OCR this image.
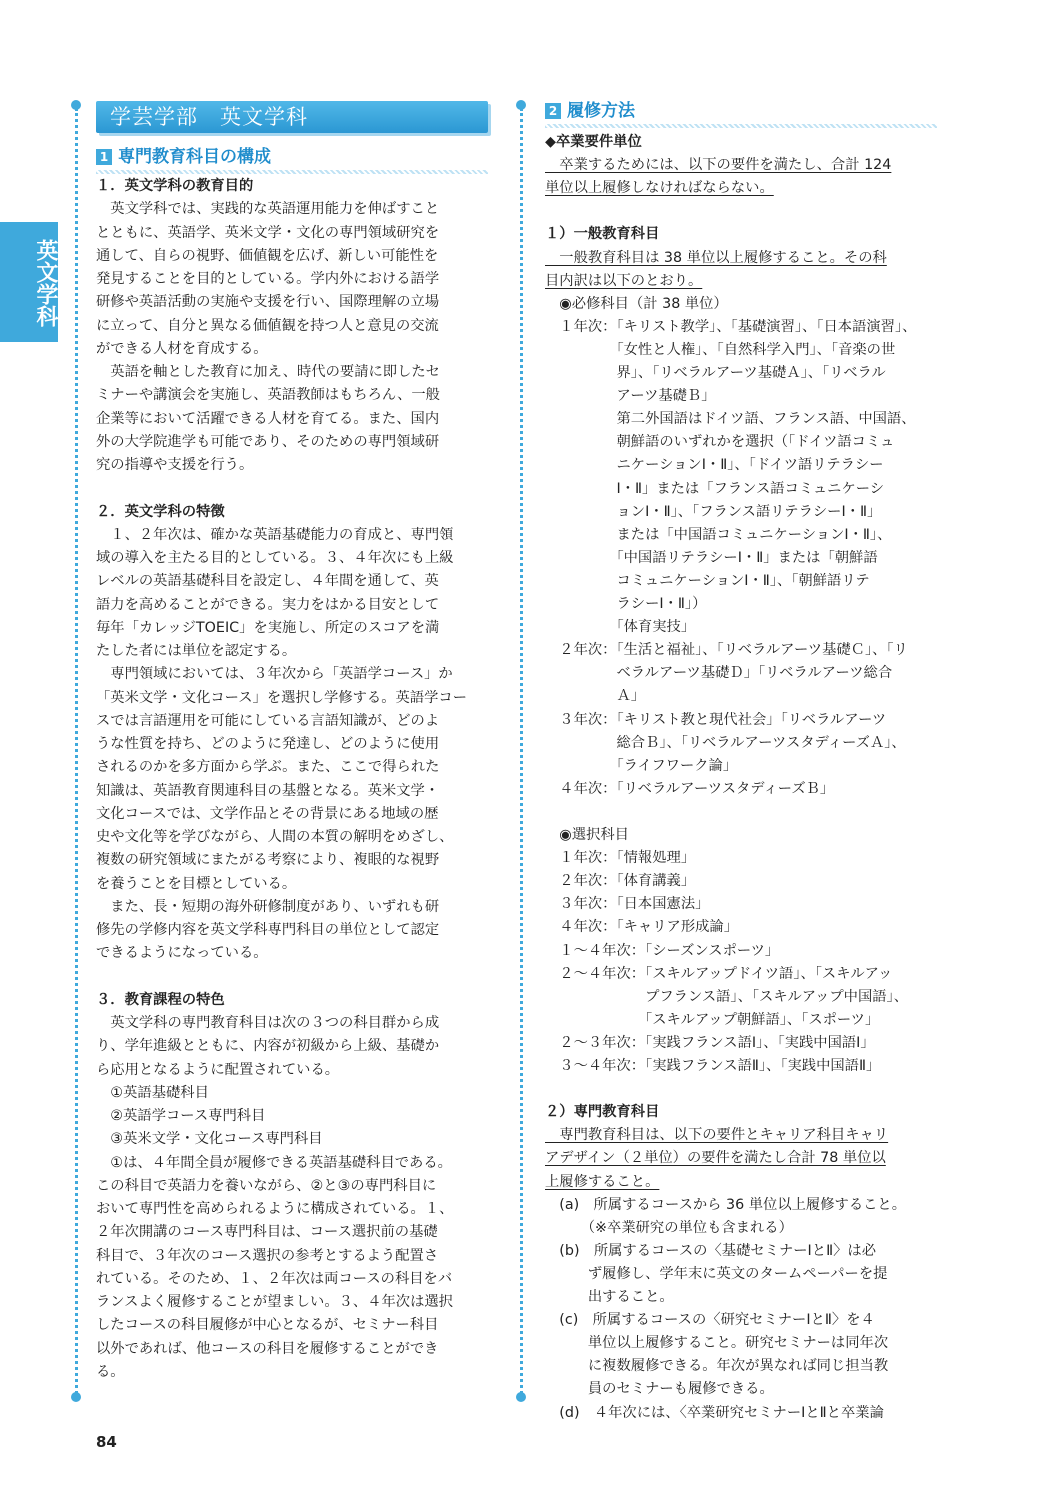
英文学科
学芸学部　英文学科
1 専門教育科目の構成
１．英文学科の教育目的
　英文学科では、実践的な英語運用能力を伸ばすこと
とともに、英語学、英米文学・文化の専門領域研究を
通して、自らの視野、価値観を広げ、新しい可能性を
発見することを目的としている。学内外における語学
研修や英語活動の実施や支援を行い、国際理解の立場
に立って、自分と異なる価値観を持つ人と意見の交流
ができる人材を育成する。
　英語を軸とした教育に加え、時代の要請に即したセ
ミナーや講演会を実施し、英語教師はもちろん、一般
企業等において活躍できる人材を育てる。また、国内
外の大学院進学も可能であり、そのための専門領域研
究の指導や支援を行う。
２．英文学科の特徴
　１、２年次は、確かな英語基礎能力の育成と、専門領
域の導入を主たる目的としている。３、４年次にも上級
レベルの英語基礎科目を設定し、４年間を通して、英
語力を高めることができる。実力をはかる目安として
毎年「カレッジTOEIC」を実施し、所定のスコアを満
たした者には単位を認定する。
　専門領域においては、３年次から「英語学コース」か
「英米文学・文化コース」を選択し学修する。英語学コー
スでは言語運用を可能にしている言語知識が、どのよ
うな性質を持ち、どのように発達し、どのように使用
されるのかを多方面から学ぶ。また、ここで得られた
知識は、英語教育関連科目の基盤となる。英米文学・
文化コースでは、文学作品とその背景にある地域の歴
史や文化等を学びながら、人間の本質の解明をめざし、
複数の研究領域にまたがる考察により、複眼的な視野
を養うことを目標としている。
　また、長・短期の海外研修制度があり、いずれも研
修先の学修内容を英文学科専門科目の単位として認定
できるようになっている。
３．教育課程の特色
　英文学科の専門教育科目は次の３つの科目群から成
り、学年進級とともに、内容が初級から上級、基礎か
ら応用となるように配置されている。
　①英語基礎科目
　②英語学コース専門科目
　③英米文学・文化コース専門科目
　①は、４年間全員が履修できる英語基礎科目である。
この科目で英語力を養いながら、②と③の専門科目に
おいて専門性を高められるように構成されている。１、
２年次開講のコース専門科目は、コース選択前の基礎
科目で、３年次のコース選択の参考とするよう配置さ
れている。そのため、１、２年次は両コースの科目をバ
ランスよく履修することが望ましい。３、４年次は選択
したコースの科目履修が中心となるが、セミナー科目
以外であれば、他コースの科目を履修することができ
る。
2 履修方法
◆卒業要件単位
　卒業するためには、以下の要件を満たし、合計 124
単位以上履修しなければならない。
１）一般教育科目
　一般教育科目は 38 単位以上履修すること。その科
目内訳は以下のとおり。
　◉必修科目（計 38 単位）
　１年次：「キリスト教学」、「基礎演習」、「日本語演習」、
　　　　　「女性と人権」、「自然科学入門」、「音楽の世
　　　　　界」、「リベラルアーツ基礎Ａ」、「リベラル
　　　　　アーツ基礎Ｂ」
　　　　　第二外国語はドイツ語、フランス語、中国語、
　　　　　朝鮮語のいずれかを選択（「ドイツ語コミュ
　　　　　ニケーションⅠ・Ⅱ」、「ドイツ語リテラシー
　　　　　Ⅰ・Ⅱ」または「フランス語コミュニケーシ
　　　　　ョンⅠ・Ⅱ」、「フランス語リテラシーⅠ・Ⅱ」
　　　　　または「中国語コミュニケーションⅠ・Ⅱ」、
　　　　　「中国語リテラシーⅠ・Ⅱ」または「朝鮮語
　　　　　コミュニケーションⅠ・Ⅱ」、「朝鮮語リテ
　　　　　ラシーⅠ・Ⅱ」）
　　　　　「体育実技」
　２年次：「生活と福祉」、「リベラルアーツ基礎Ｃ」、「リ
　　　　　ベラルアーツ基礎Ｄ」「リベラルアーツ総合
　　　　　Ａ」
　３年次：「キリスト教と現代社会」「リベラルアーツ
　　　　　総合Ｂ」、「リベラルアーツスタディーズＡ」、
　　　　　「ライフワーク論」
　４年次：「リベラルアーツスタディーズＢ」
　◉選択科目
　１年次：「情報処理」
　２年次：「体育講義」
　３年次：「日本国憲法」
　４年次：「キャリア形成論」
　１～４年次：「シーズンスポーツ」
　２～４年次：「スキルアップドイツ語」、「スキルアッ
　　　　　　　プフランス語」、「スキルアップ中国語」、
　　　　　　　「スキルアップ朝鮮語」、「スポーツ」
　２～３年次：「実践フランス語Ⅰ」、「実践中国語Ⅰ」
　３～４年次：「実践フランス語Ⅱ」、「実践中国語Ⅱ」
２）専門教育科目
　専門教育科目は、以下の要件とキャリア科目キャリ
アデザイン（２単位）の要件を満たし合計 78 単位以
上履修すること。
　(a)　所属するコースから 36 単位以上履修すること。
　　　（※卒業研究の単位も含まれる）
　(b)　所属するコースの〈基礎セミナーⅠとⅡ〉は必
　　　ず履修し、学年末に英文のタームペーパーを提
　　　出すること。
　(c)　所属するコースの〈研究セミナーⅠとⅡ〉を４
　　　単位以上履修すること。研究セミナーは同年次
　　　に複数履修できる。年次が異なれば同じ担当教
　　　員のセミナーも履修できる。
　(d)　４年次には、〈卒業研究セミナーⅠとⅡと卒業論
84
